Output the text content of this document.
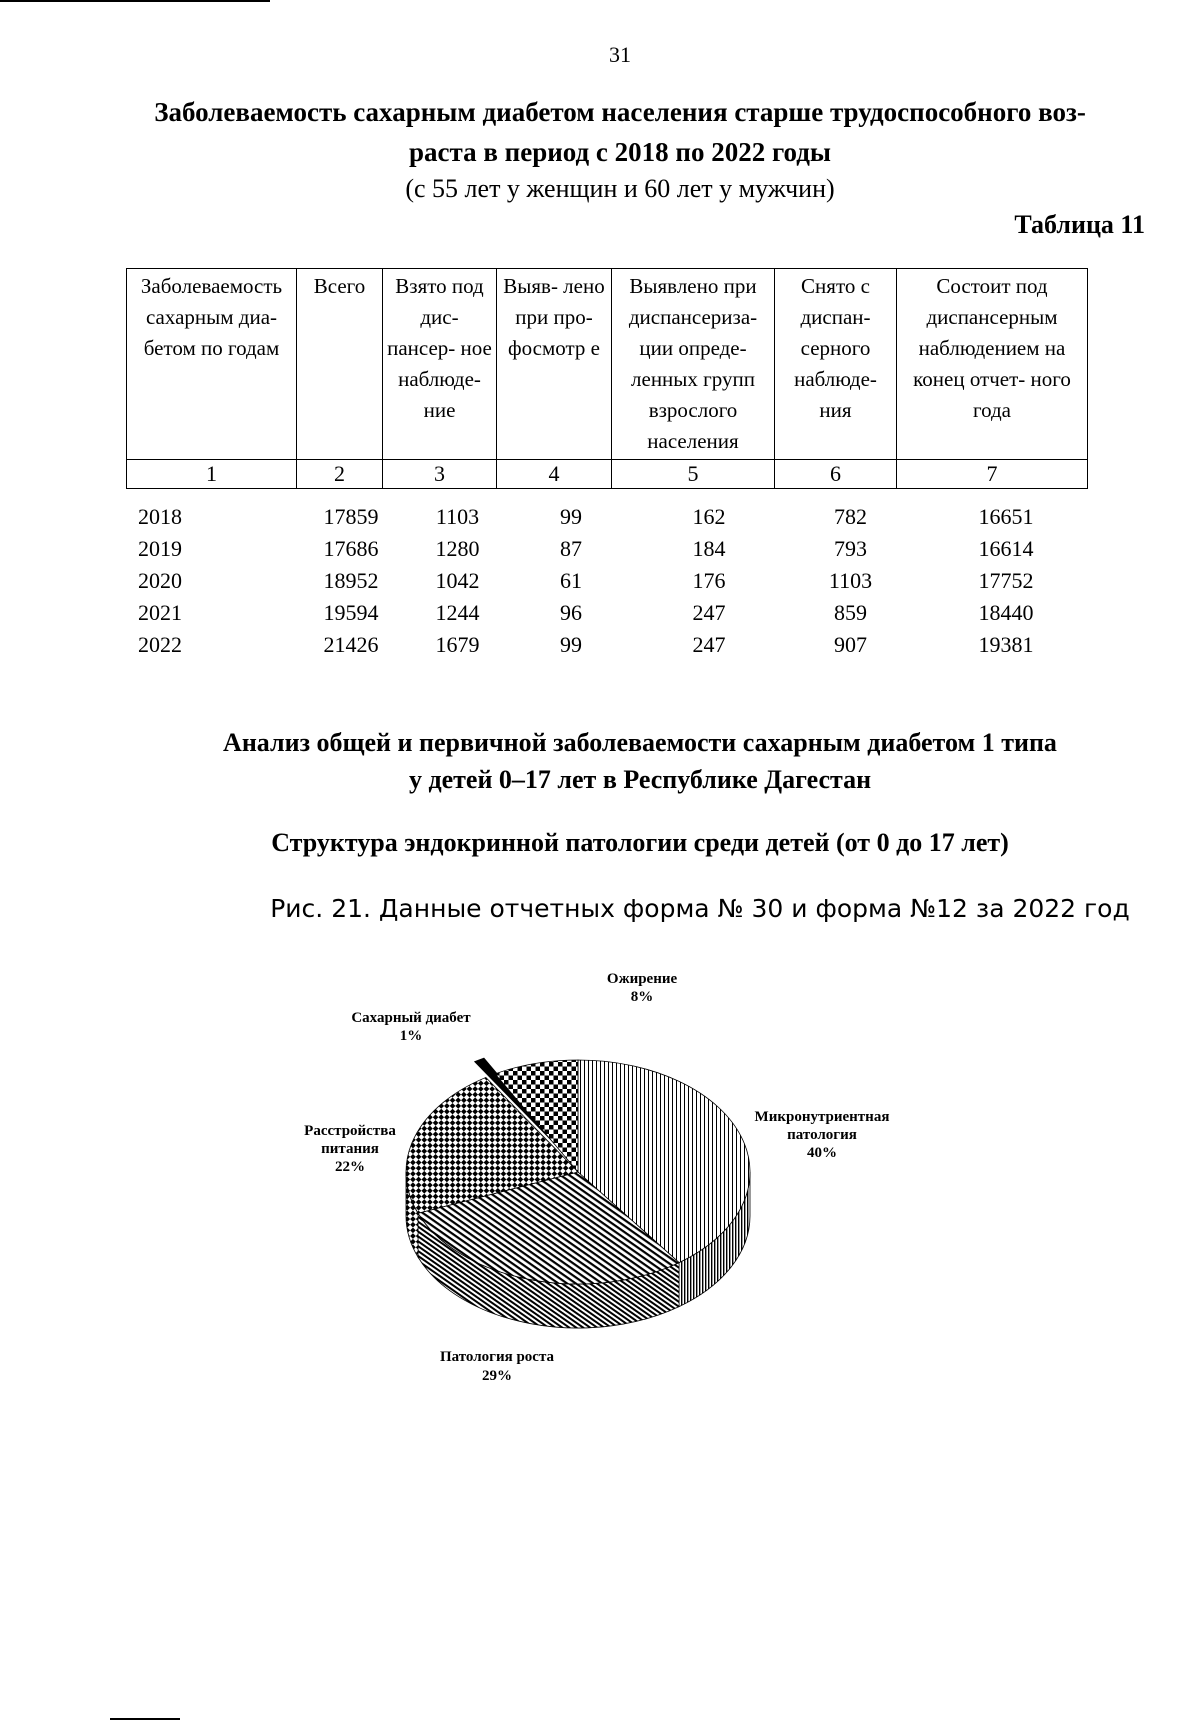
31
Заболеваемость сахарным диабетом населения старше трудоспособного воз-
раста в период с 2018 по 2022 годы
(с 55 лет у женщин и 60 лет у мужчин)
Таблица 11
Заболеваемость сахарным диа- бетом по годам	Всего	Взято под дис- пансер- ное наблюде- ние	Выяв- лено при про- фосмотр е	Выявлено при диспансериза- ции опреде- ленных групп взрослого населения	Снято с диспан- серного наблюде- ния	Состоит под диспансерным наблюдением на конец отчет- ного года
1	2	3	4	5	6	7
2018	17859	1103	99	162	782	16651
2019	17686	1280	87	184	793	16614
2020	18952	1042	61	176	1103	17752
2021	19594	1244	96	247	859	18440
2022	21426	1679	99	247	907	19381
Анализ общей и первичной заболеваемости сахарным диабетом 1 типа
у детей 0–17 лет в Республике Дагестан
Структура эндокринной патологии среди детей (от 0 до 17 лет)
Рис. 21. Данные отчетных форма № 30 и форма №12 за 2022 год
Ожирение
8%
Сахарный диабет
1%
Микронутриентная
патология
40%
Расстройства
питания
22%
Патология роста
29%
